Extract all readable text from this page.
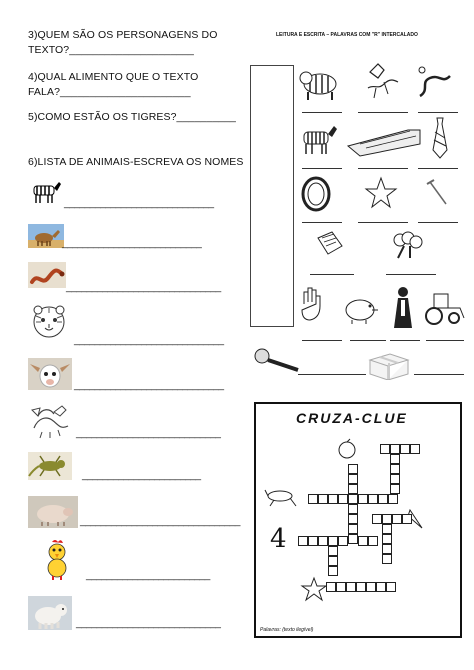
3)QUEM SÃO OS PERSONAGENS DO
TEXTO?_____________________
4)QUAL ALIMENTO QUE O TEXTO
FALA?______________________
5)COMO ESTÃO OS TIGRES?__________
6)LISTA DE ANIMAIS-ESCREVA OS NOMES
_____________________________
___________________________
______________________________
_____________________________
_____________________________
____________________________
_______________________
_______________________________
________________________
____________________________
LEITURA E ESCRITA – PALAVRAS COM "R" INTERCALADO
CRUZA-CLUE
4
Palavras: (texto ilegível)
